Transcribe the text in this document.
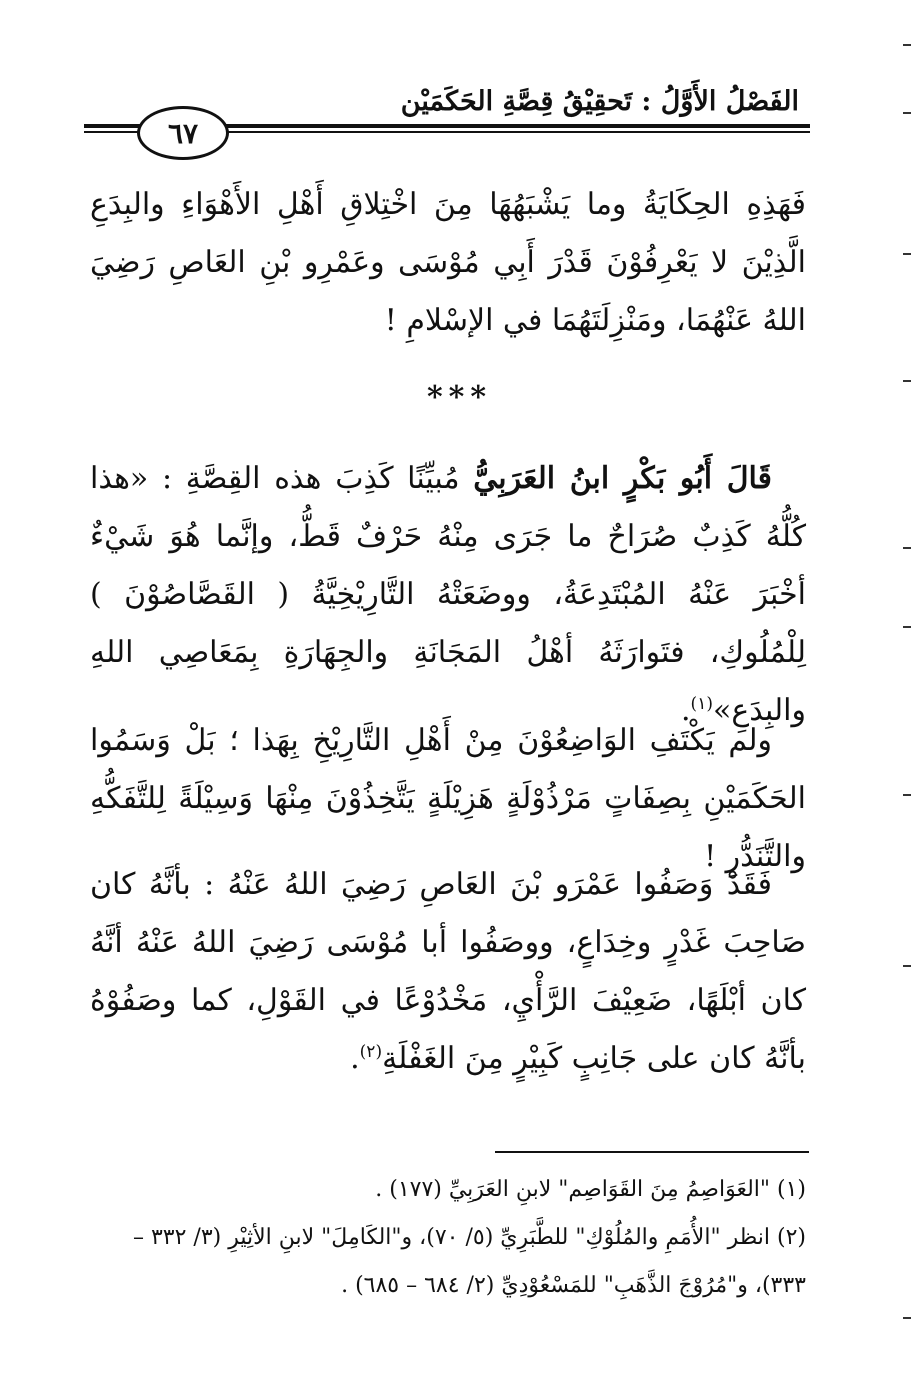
الفَصْلُ الأَوَّلُ : تَحقِيْقُ قِصَّةِ الحَكَمَيْن
٦٧
فَهَذِهِ الحِكَايَةُ وما يَشْبَهُهَا مِنَ اخْتِلاقِ أَهْلِ الأَهْوَاءِ والبِدَعِ الَّذِيْنَ لا يَعْرِفُوْنَ قَدْرَ أَبِي مُوْسَى وعَمْرِو بْنِ العَاصِ رَضِيَ اللهُ عَنْهُمَا، ومَنْزِلَتَهُمَا في الإسْلامِ !
***
قَالَ أَبُو بَكْرٍ ابنُ العَرَبِيُّ مُبيِّنًا كَذِبَ هذه القِصَّةِ : «هذا كُلُّهُ كَذِبٌ صُرَاحٌ ما جَرَى مِنْهُ حَرْفٌ قَطُّ، وإنَّما هُوَ شَيْءٌ أخْبَرَ عَنْهُ المُبْتَدِعَةُ، ووضَعَتْهُ التَّارِيْخِيَّةُ ( القَصَّاصُوْنَ ) لِلْمُلُوكِ، فتَوارَثَهُ أهْلُ المَجَانَةِ والجِهَارَةِ بِمَعَاصِي اللهِ والبِدَعِ»$^{(١)}$.
ولم يَكْتَفِ الوَاضِعُوْنَ مِنْ أَهْلِ التَّارِيْخِ بِهَذا ؛ بَلْ وَسَمُوا الحَكَمَيْنِ بِصِفَاتٍ مَرْذُوْلَةٍ هَزِيْلَةٍ يَتَّخِذُوْنَ مِنْهَا وَسِيْلَةً لِلتَّفَكُّهِ والتَّنَدُّرِ !
فَقَدْ وَصَفُوا عَمْرَو بْنَ العَاصِ رَضِيَ اللهُ عَنْهُ : بأنَّهُ كان صَاحِبَ غَدْرٍ وخِدَاعٍ، ووصَفُوا أبا مُوْسَى رَضِيَ اللهُ عَنْهُ أنَّهُ كان أبْلَهًا، ضَعِيْفَ الرَّأْيِ، مَخْدُوْعًا في القَوْلِ، كما وصَفُوْهُ بأنَّهُ كان على جَانِبٍ كَبِيْرٍ مِنَ الغَفْلَةِ$^{(٢)}$.

(١) "العَوَاصِمُ مِنَ القَوَاصِم" لابنِ العَرَبِيِّ (١٧٧) .

(٢) انظر "الأُمَمِ والمُلُوْكِ" للطَّبَرِيِّ (٥/ ٧٠)، و"الكَامِلَ" لابنِ الأثِيْرِ (٣/ ٣٣٢ – ٣٣٣)، و"مُرُوْجَ الذَّهَبِ" للمَسْعُوْدِيِّ (٢/ ٦٨٤ – ٦٨٥) .
